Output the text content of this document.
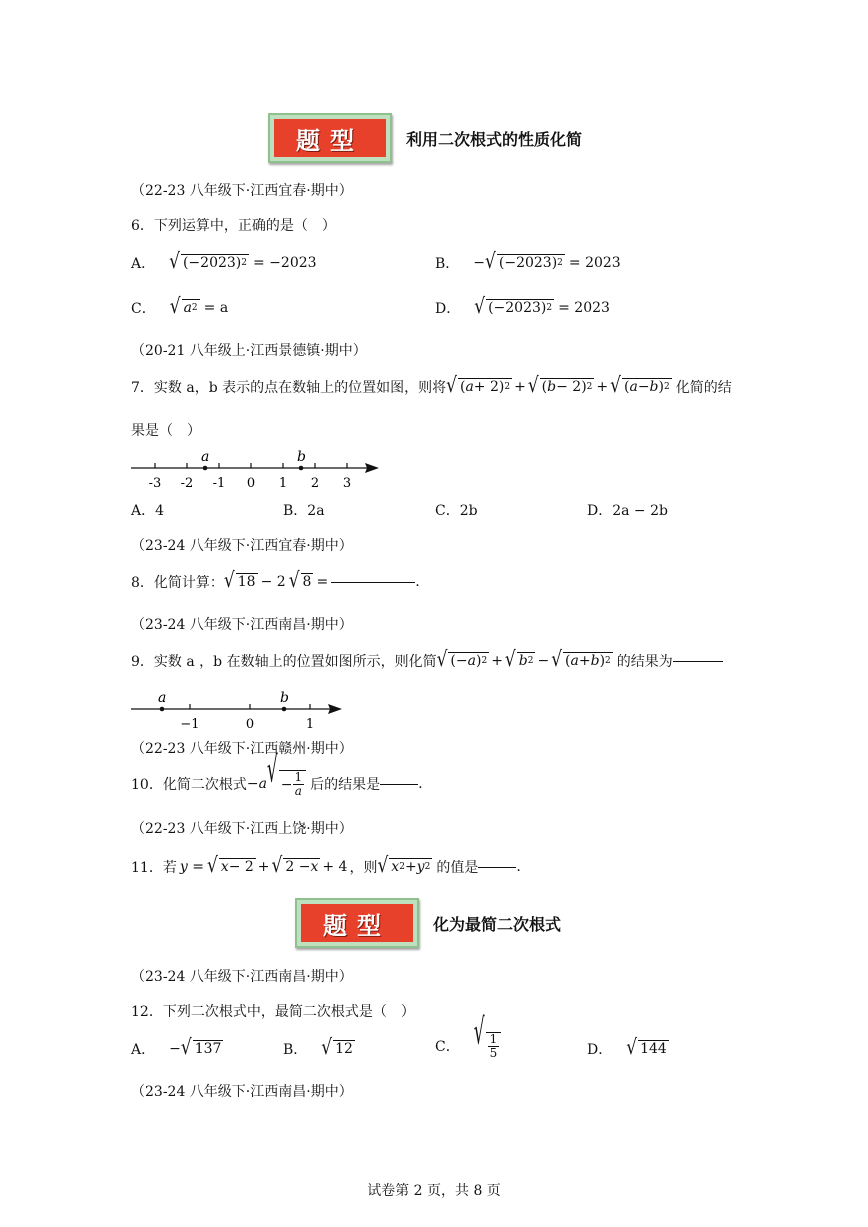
题型	利用二次根式的性质化简
（22-23 八年级下·江西宜春·期中）
6．下列运算中，正确的是（　）
A． √ (−2023) 2 = −2023	B． − √ (−2023) 2 = 2023
C． √ a 2 = a	D． √ (−2023) 2 = 2023
（20-21 八年级上·江西景德镇·期中）
7．实数 a，b 表示的点在数轴上的位置如图，则将 √ ( a + 2) 2 + √ ( b − 2) 2 + √ ( a − b ) 2 化简的结
果是（　）
-3 -2 -1 0 1 2 3
a	b
A．4	B．2a	C．2b	D．2a − 2b
（23-24 八年级下·江西宜春·期中）
8．化简计算： √ 18 − 2 √ 8 =	.
（23-24 八年级下·江西南昌·期中）
9．实数 a ，b 在数轴上的位置如图所示，则化简 √ (− a ) 2 + √ b 2 − √ ( a + b ) 2 的结果为
−1	0	1
a	b
（22-23 八年级下·江西赣州·期中）
10．化简二次根式 −a √ − $\frac{1}{a}$ 后的结果是	.
（22-23 八年级下·江西上饶·期中）
11．若 y = √ x − 2 + √ 2 − x + 4 ，则 √ x 2 + y 2 的值是	.
题型	化为最简二次根式
（23-24 八年级下·江西南昌·期中）
12．下列二次根式中，最简二次根式是（　）
A． − √ 137	B． √ 12	C． √ $\frac{1}{5}$	D． √ 144
（23-24 八年级下·江西南昌·期中）
试卷第 2 页，共 8 页
